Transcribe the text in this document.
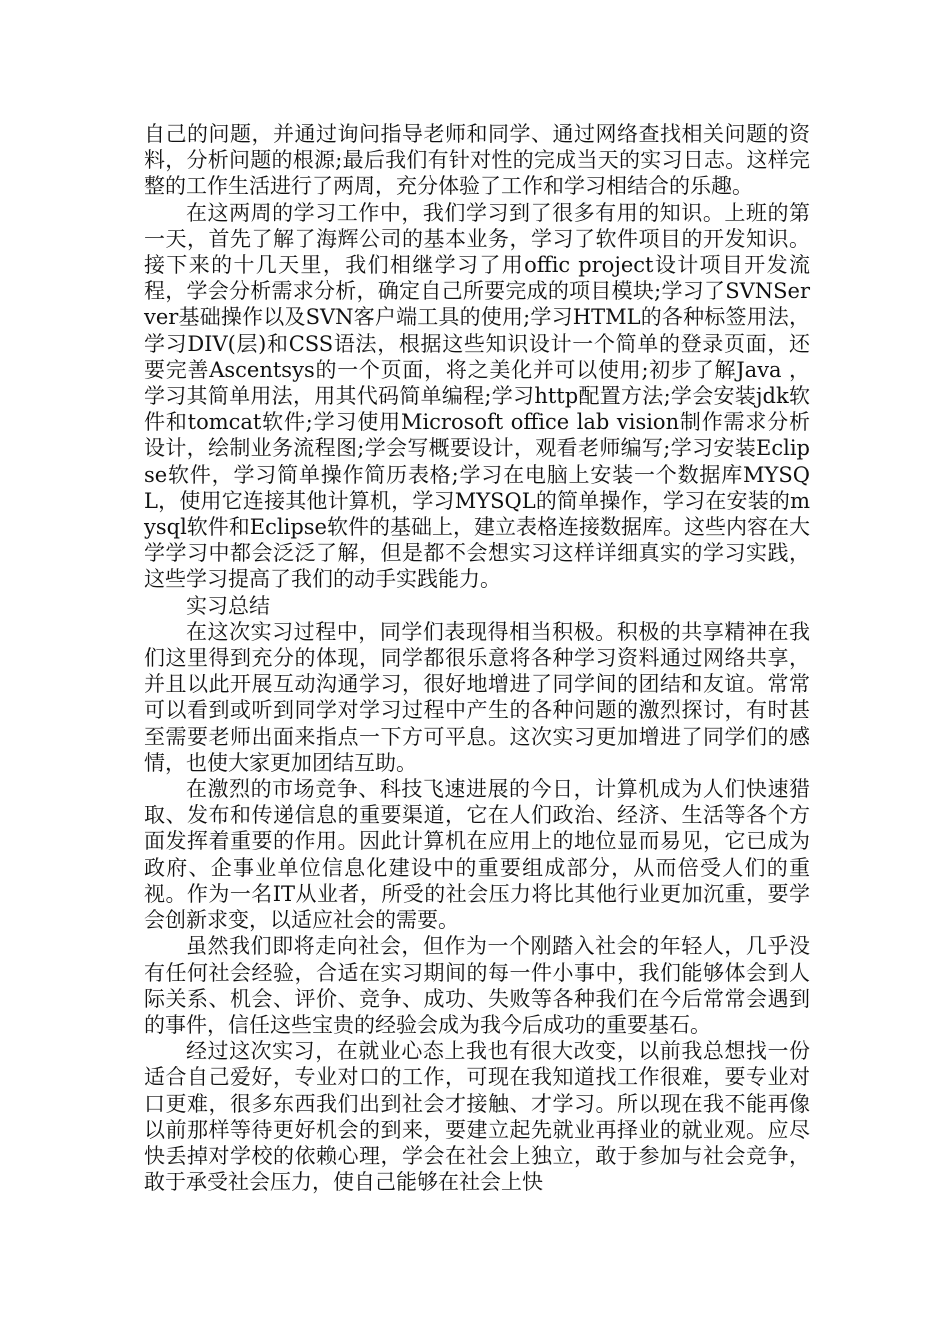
自己的问题，并通过询问指导老师和同学、通过网络查找相关问题的资料，分析问题的根源;最后我们有针对性的完成当天的实习日志。这样完整的工作生活进行了两周，充分体验了工作和学习相结合的乐趣。

在这两周的学习工作中，我们学习到了很多有用的知识。上班的第一天，首先了解了海辉公司的基本业务，学习了软件项目的开发知识。接下来的十几天里，我们相继学习了用offic project设计项目开发流程，学会分析需求分析，确定自己所要完成的项目模块;学习了SVNServer基础操作以及SVN客户端工具的使用;学习HTML的各种标签用法，学习DIV(层)和CSS语法，根据这些知识设计一个简单的登录页面，还要完善Ascentsys的一个页面，将之美化并可以使用;初步了解Java ，学习其简单用法，用其代码简单编程;学习http配置方法;学会安装jdk软件和tomcat软件;学习使用Microsoft office lab vision制作需求分析设计，绘制业务流程图;学会写概要设计，观看老师编写;学习安装Eclipse软件，学习简单操作简历表格;学习在电脑上安装一个数据库MYSQL，使用它连接其他计算机，学习MYSQL的简单操作，学习在安装的mysql软件和Eclipse软件的基础上，建立表格连接数据库。这些内容在大学学习中都会泛泛了解，但是都不会想实习这样详细真实的学习实践，这些学习提高了我们的动手实践能力。

实习总结

在这次实习过程中，同学们表现得相当积极。积极的共享精神在我们这里得到充分的体现，同学都很乐意将各种学习资料通过网络共享，并且以此开展互动沟通学习，很好地增进了同学间的团结和友谊。常常可以看到或听到同学对学习过程中产生的各种问题的激烈探讨，有时甚至需要老师出面来指点一下方可平息。这次实习更加增进了同学们的感情，也使大家更加团结互助。

在激烈的市场竞争、科技飞速进展的今日，计算机成为人们快速猎取、发布和传递信息的重要渠道，它在人们政治、经济、生活等各个方面发挥着重要的作用。因此计算机在应用上的地位显而易见，它已成为政府、企事业单位信息化建设中的重要组成部分，从而倍受人们的重视。作为一名IT从业者，所受的社会压力将比其他行业更加沉重，要学会创新求变，以适应社会的需要。

虽然我们即将走向社会，但作为一个刚踏入社会的年轻人，几乎没有任何社会经验，合适在实习期间的每一件小事中，我们能够体会到人际关系、机会、评价、竞争、成功、失败等各种我们在今后常常会遇到的事件，信任这些宝贵的经验会成为我今后成功的重要基石。

经过这次实习，在就业心态上我也有很大改变，以前我总想找一份适合自己爱好，专业对口的工作，可现在我知道找工作很难，要专业对口更难，很多东西我们出到社会才接触、才学习。所以现在我不能再像以前那样等待更好机会的到来，要建立起先就业再择业的就业观。应尽快丢掉对学校的依赖心理，学会在社会上独立，敢于参加与社会竞争，敢于承受社会压力，使自己能够在社会上快
